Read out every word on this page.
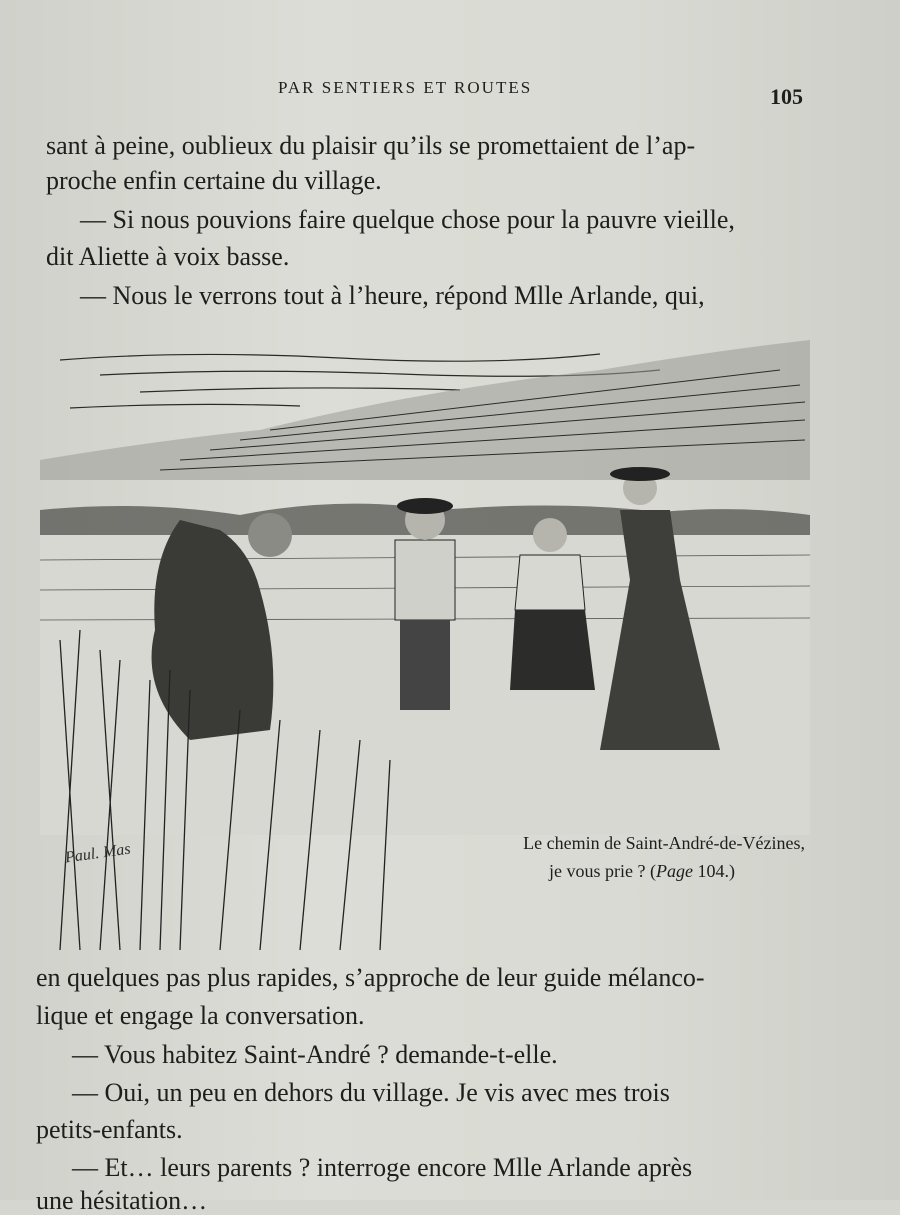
PAR SENTIERS ET ROUTES	105
sant à peine, oublieux du plaisir qu’ils se promettaient de l’ap-
proche enfin certaine du village.
— Si nous pouvions faire quelque chose pour la pauvre vieille,
dit Aliette à voix basse.
— Nous le verrons tout à l’heure, répond Mlle Arlande, qui,
Paul. Mas	Le chemin de Saint-André-de-Vézines,
je vous prie ? (Page 104.)
en quelques pas plus rapides, s’approche de leur guide mélanco-
lique et engage la conversation.
— Vous habitez Saint-André ? demande-t-elle.
— Oui, un peu en dehors du village. Je vis avec mes trois
petits-enfants.
— Et… leurs parents ? interroge encore Mlle Arlande après
une hésitation…
